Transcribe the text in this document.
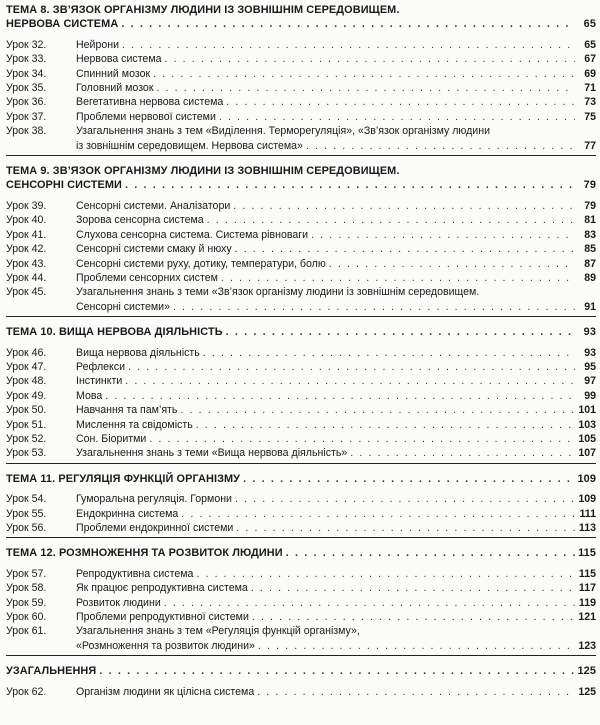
ТЕМА 8. ЗВ’ЯЗОК ОРГАНІЗМУ ЛЮДИНИ ІЗ ЗОВНІШНІМ СЕРЕДОВИЩЕМ.
НЕРВОВА СИСТЕМА . . .	65
Урок 32.	Нейрони . . .	65
Урок 33.	Нервова система . . .	67
Урок 34.	Спинний мозок . . .	69
Урок 35.	Головний мозок . . .	71
Урок 36.	Вегетативна нервова система . . .	73
Урок 37.	Проблеми нервової системи . . .	75
Урок 38.	Узагальнення знань з тем «Виділення. Терморегуляція», «Зв’язок організму людини
із зовнішнім середовищем. Нервова система» . . .	77
ТЕМА 9. ЗВ’ЯЗОК ОРГАНІЗМУ ЛЮДИНИ ІЗ ЗОВНІШНІМ СЕРЕДОВИЩЕМ.
СЕНСОРНІ СИСТЕМИ . . .	79
Урок 39.	Сенсорні системи. Аналізатори . . .	79
Урок 40.	Зорова сенсорна система . . .	81
Урок 41.	Слухова сенсорна система. Система рівноваги . . .	83
Урок 42.	Сенсорні системи смаку й нюху . . .	85
Урок 43.	Сенсорні системи руху, дотику, температури, болю . . .	87
Урок 44.	Проблеми сенсорних систем . . .	89
Урок 45.	Узагальнення знань з теми «Зв’язок організму людини із зовнішнім середовищем.
Сенсорні системи» . . .	91
ТЕМА 10. ВИЩА НЕРВОВА ДІЯЛЬНІСТЬ . . .	93
Урок 46.	Вища нервова діяльність . . .	93
Урок 47.	Рефлекси . . .	95
Урок 48.	Інстинкти . . .	97
Урок 49.	Мова . . .	99
Урок 50.	Навчання та пам’ять . . .	101
Урок 51.	Мислення та свідомість . . .	103
Урок 52.	Сон. Біоритми . . .	105
Урок 53.	Узагальнення знань з теми «Вища нервова діяльність» . . .	107
ТЕМА 11. РЕГУЛЯЦІЯ ФУНКЦІЙ ОРГАНІЗМУ . . .	109
Урок 54.	Гуморальна регуляція. Гормони . . .	109
Урок 55.	Ендокринна система . . .	111
Урок 56.	Проблеми ендокринної системи . . .	113
ТЕМА 12. РОЗМНОЖЕННЯ ТА РОЗВИТОК ЛЮДИНИ . . .	115
Урок 57.	Репродуктивна система . . .	115
Урок 58.	Як працює репродуктивна система . . .	117
Урок 59.	Розвиток людини . . .	119
Урок 60.	Проблеми репродуктивної системи . . .	121
Урок 61.	Узагальнення знань з тем «Регуляція функцій організму»,
«Розмноження та розвиток людини» . . .	123
УЗАГАЛЬНЕННЯ . . .	125
Урок 62.	Організм людини як цілісна система . . .	125
